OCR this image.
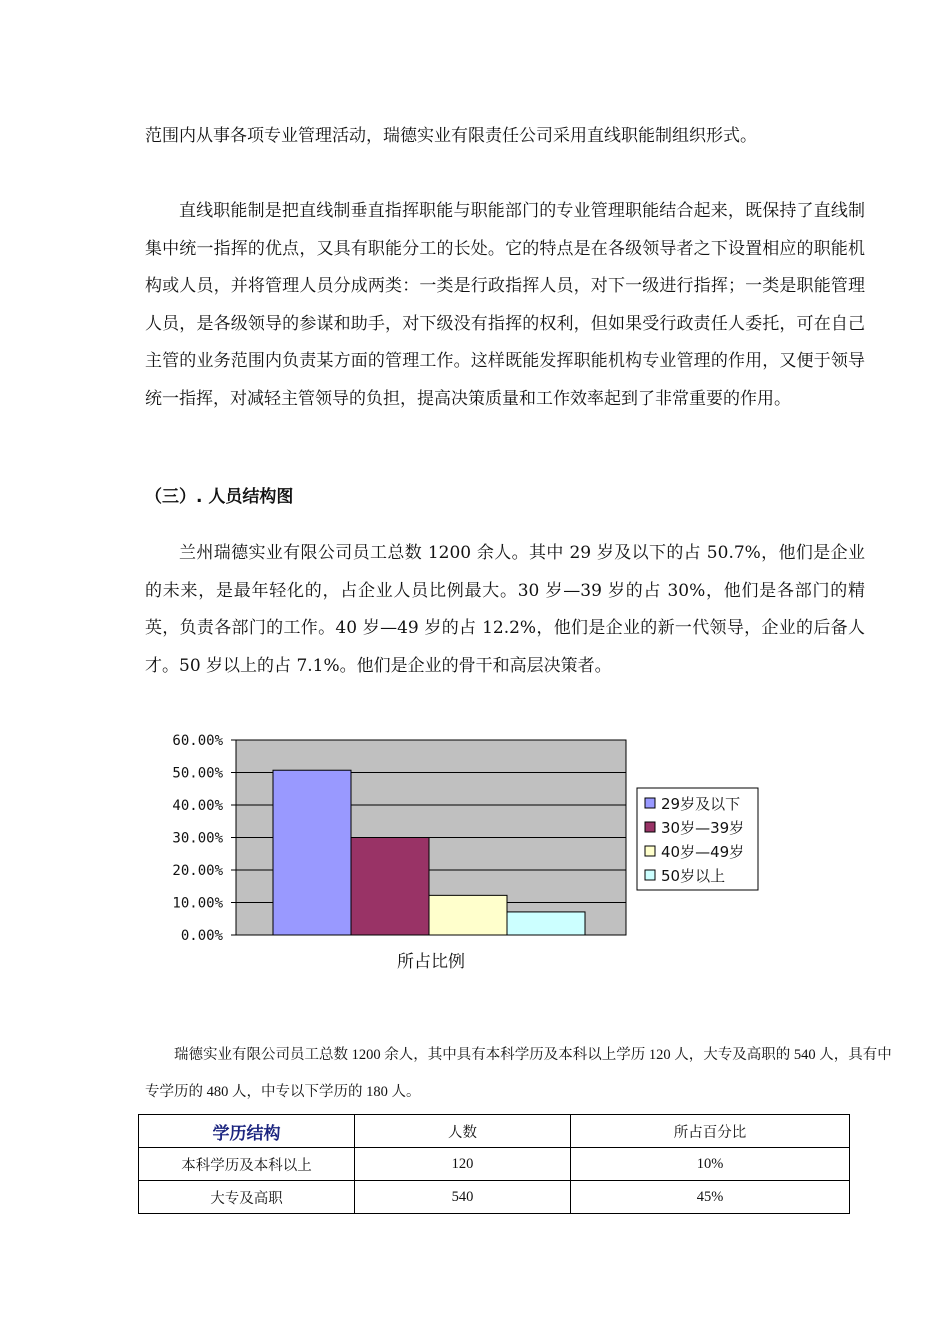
范围内从事各项专业管理活动，瑞德实业有限责任公司采用直线职能制组织形式。

直线职能制是把直线制垂直指挥职能与职能部门的专业管理职能结合起来，既保持了直线制集中统一指挥的优点，又具有职能分工的长处。它的特点是在各级领导者之下设置相应的职能机构或人员，并将管理人员分成两类：一类是行政指挥人员，对下一级进行指挥；一类是职能管理人员，是各级领导的参谋和助手，对下级没有指挥的权利，但如果受行政责任人委托，可在自己主管的业务范围内负责某方面的管理工作。这样既能发挥职能机构专业管理的作用，又便于领导统一指挥，对减轻主管领导的负担，提高决策质量和工作效率起到了非常重要的作用。

（三）. 人员结构图

兰州瑞德实业有限公司员工总数 1200 余人。其中 29 岁及以下的占 50.7%，他们是企业的未来，是最年轻化的，占企业人员比例最大。30 岁—39 岁的占 30%，他们是各部门的精英，负责各部门的工作。40 岁—49 岁的占 12.2%，他们是企业的新一代领导，企业的后备人才。50 岁以上的占 7.1%。他们是企业的骨干和高层决策者。

0.00%
10.00%
20.00%
30.00%
40.00%
50.00%
60.00%
所占比例
29岁及以下
30岁—39岁
40岁—49岁
50岁以上

瑞德实业有限公司员工总数 1200 余人，其中具有本科学历及本科以上学历 120 人，大专及高职的 540 人，具有中专学历的 480 人，中专以下学历的 180 人。

学历结构	人数	所占百分比
本科学历及本科以上	120	10%
大专及高职	540	45%
